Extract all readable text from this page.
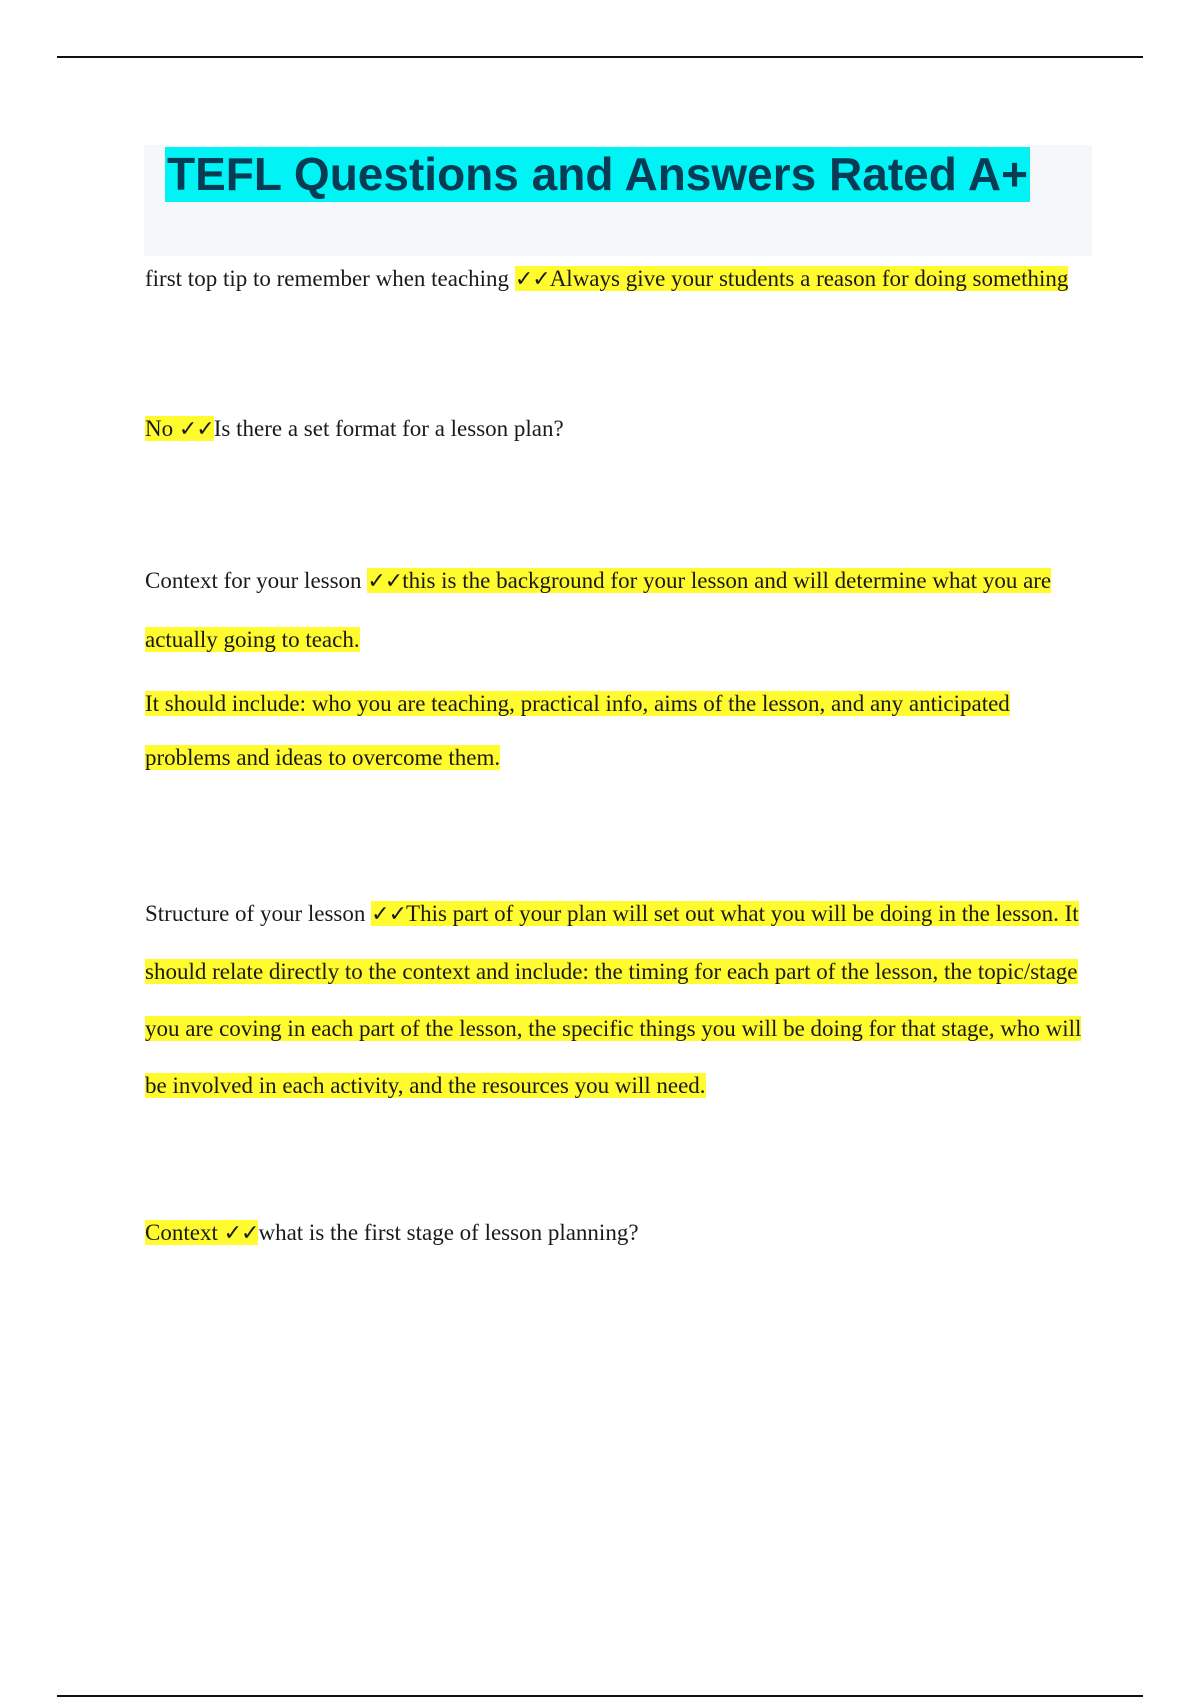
TEFL Questions and Answers Rated A+

first top tip to remember when teaching ✓✓Always give your students a reason for doing something

No ✓✓Is there a set format for a lesson plan?

Context for your lesson ✓✓this is the background for your lesson and will determine what you are actually going to teach.

It should include: who you are teaching, practical info, aims of the lesson, and any anticipated problems and ideas to overcome them.

Structure of your lesson ✓✓This part of your plan will set out what you will be doing in the lesson. It should relate directly to the context and include: the timing for each part of the lesson, the topic/stage you are coving in each part of the lesson, the specific things you will be doing for that stage, who will be involved in each activity, and the resources you will need.

Context ✓✓what is the first stage of lesson planning?
